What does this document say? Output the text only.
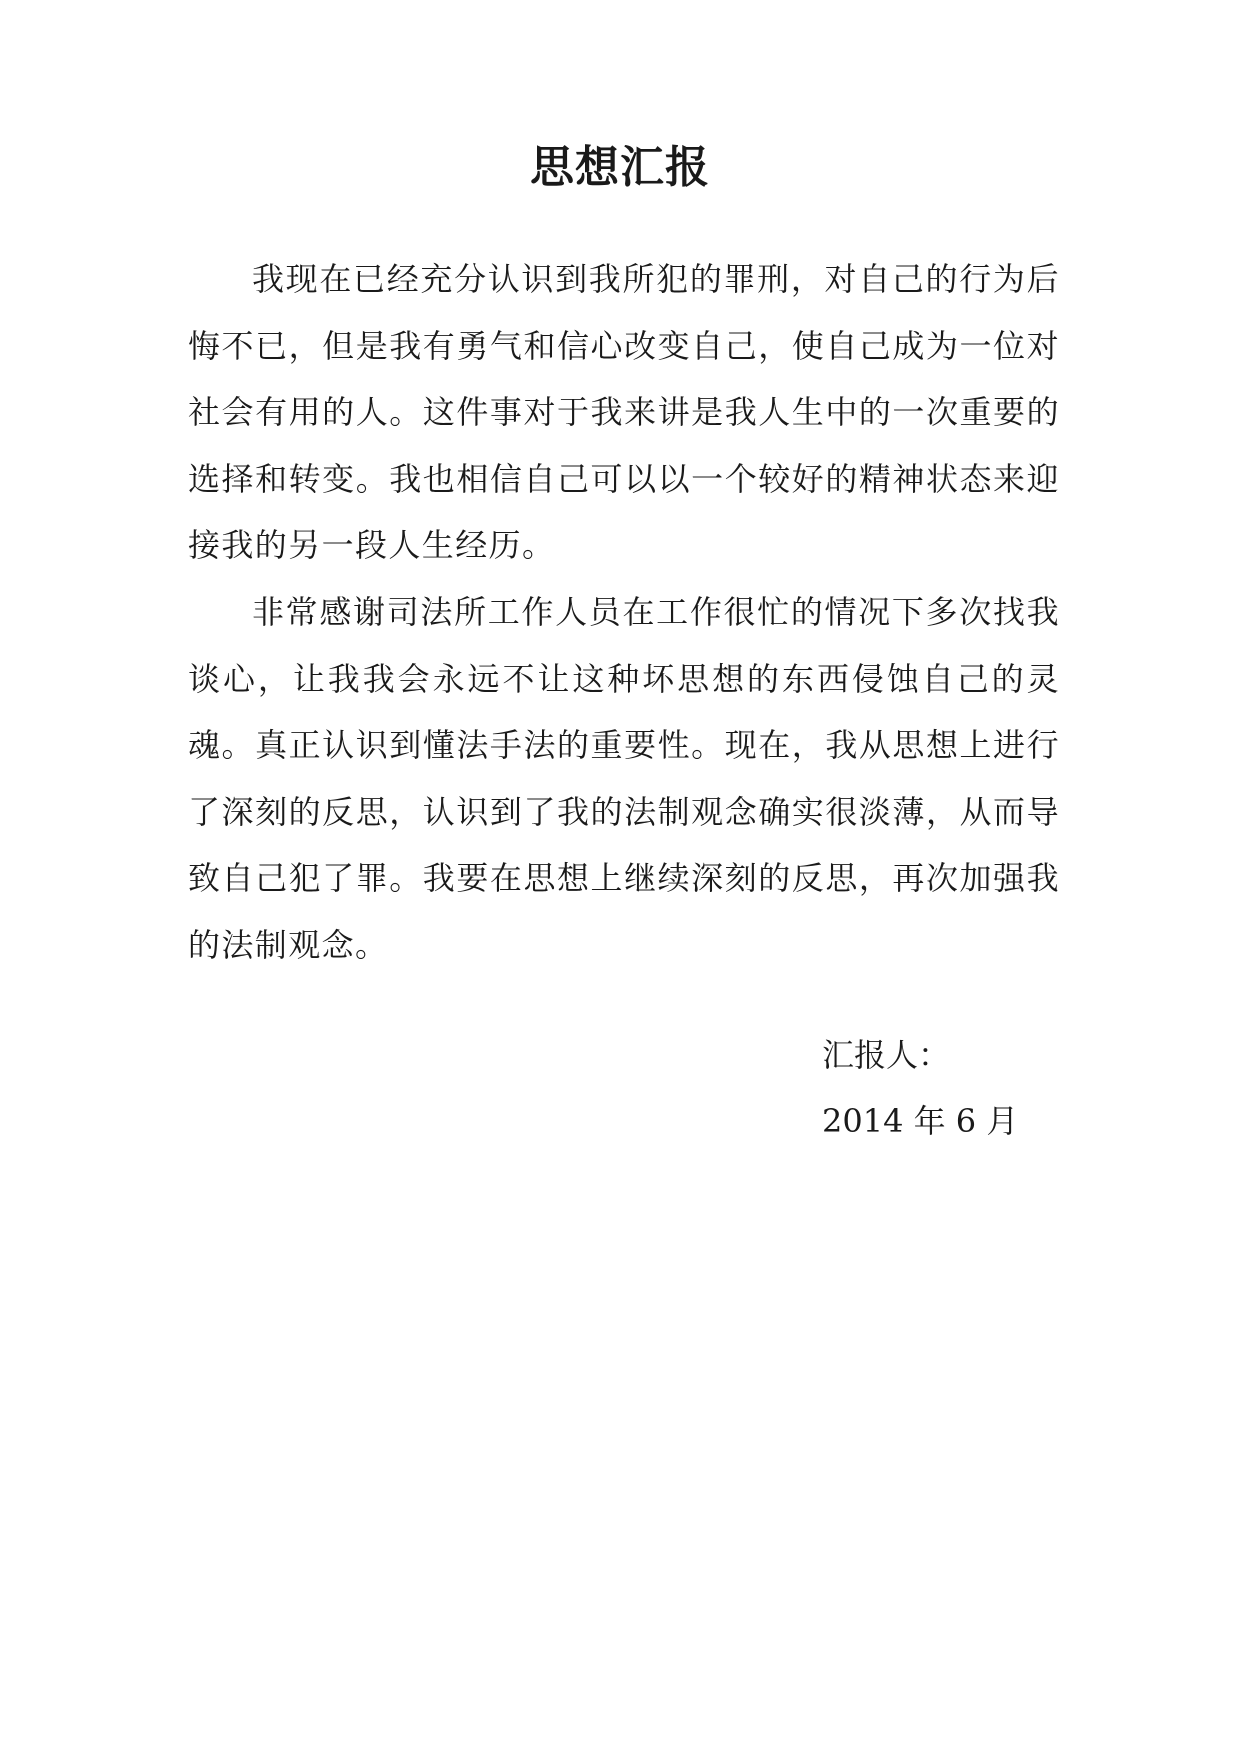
思想汇报

我现在已经充分认识到我所犯的罪刑，对自己的行为后悔不已，但是我有勇气和信心改变自己，使自己成为一位对社会有用的人。这件事对于我来讲是我人生中的一次重要的选择和转变。我也相信自己可以以一个较好的精神状态来迎接我的另一段人生经历。

非常感谢司法所工作人员在工作很忙的情况下多次找我谈心，让我我会永远不让这种坏思想的东西侵蚀自己的灵魂。真正认识到懂法手法的重要性。现在，我从思想上进行了深刻的反思，认识到了我的法制观念确实很淡薄，从而导致自己犯了罪。我要在思想上继续深刻的反思，再次加强我的法制观念。

汇报人：
2014 年 6 月
